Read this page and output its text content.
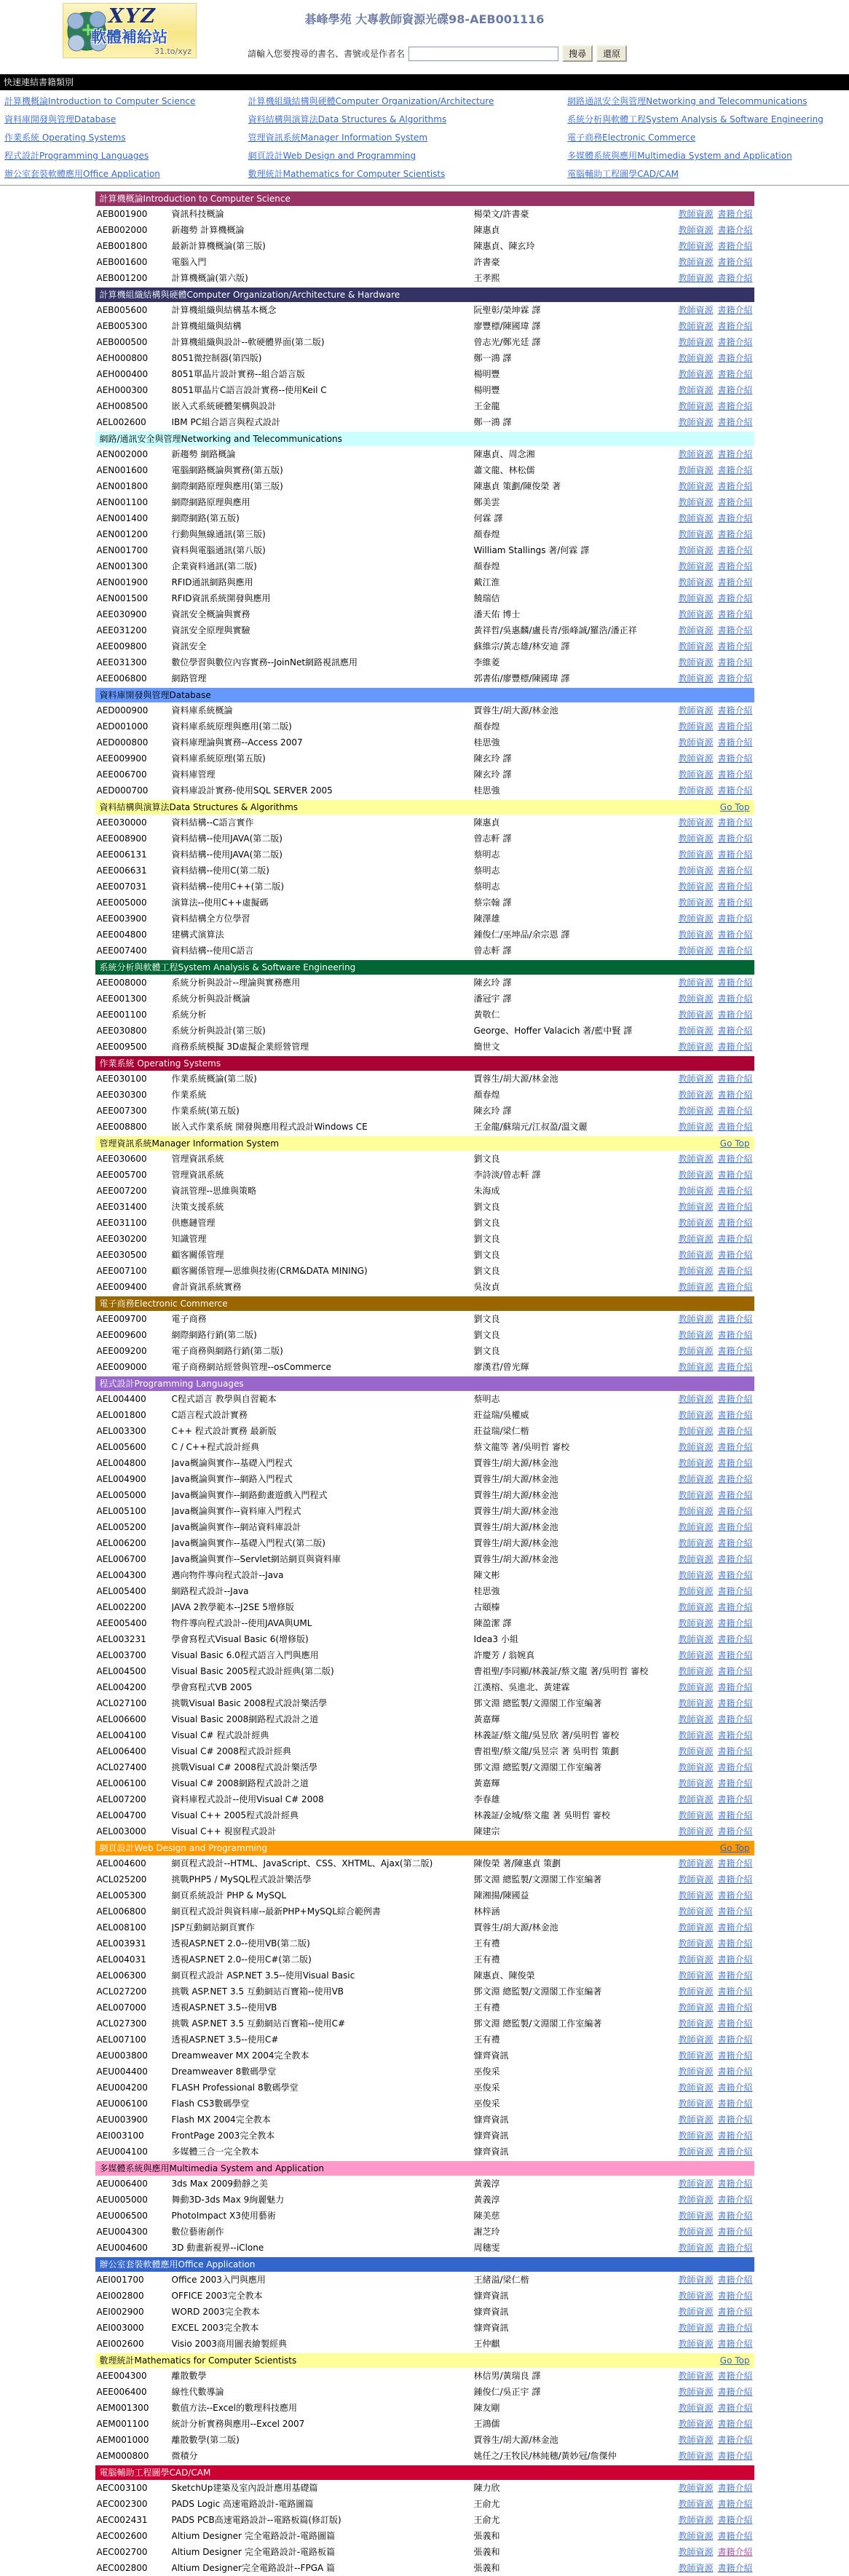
XYZ
軟體補給站
31.to/xyz
碁峰學苑 大專教師資源光碟98-AEB001116
請輸入您要搜尋的書名、書號或是作者名	搜尋	還原
快速連結書籍類別
計算機概論Introduction to Computer Science	計算機組織結構與硬體Computer Organization/Architecture	網路通訊安全與管理Networking and Telecommunications
資料庫開發與管理Database	資料結構與演算法Data Structures & Algorithms	系統分析與軟體工程System Analysis & Software Engineering
作業系統 Operating Systems	管理資訊系統Manager Information System	電子商務Electronic Commerce
程式設計Programming Languages	網頁設計Web Design and Programming	多媒體系統與應用Multimedia System and Application
辦公室套裝軟體應用Office Application	數理統計Mathematics for Computer Scientists	電腦輔助工程圖學CAD/CAM
計算機概論Introduction to Computer Science
AEB001900	資訊科技概論	楊榮文/許書豪	教師資源 書籍介紹
AEB002000	新趨勢 計算機概論	陳惠貞	教師資源 書籍介紹
AEB001800	最新計算機概論(第三版)	陳惠貞、陳玄玲	教師資源 書籍介紹
AEB001600	電腦入門	許書豪	教師資源 書籍介紹
AEB001200	計算機概論(第六版)	王孝熙	教師資源 書籍介紹
計算機組織結構與硬體Computer Organization/Architecture & Hardware
AEB005600	計算機組織與結構基本概念	阮聖彰/榮坤霖 譯	教師資源 書籍介紹
AEB005300	計算機組織與結構	廖豐標/陳國瑋 譯	教師資源 書籍介紹
AEB000500	計算機組織與設計--軟硬體界面(第二版)	曾志光/鄭光廷 譯	教師資源 書籍介紹
AEH000800	8051微控制器(第四版)	鄭一鴻 譯	教師資源 書籍介紹
AEH000400	8051單晶片設計實務--組合語言版	楊明豐	教師資源 書籍介紹
AEH000300	8051單晶片C語言設計實務--使用Keil C	楊明豐	教師資源 書籍介紹
AEH008500	嵌入式系統硬體架構與設計	王金龍	教師資源 書籍介紹
AEL002600	IBM PC組合語言與程式設計	鄭一鴻 譯	教師資源 書籍介紹
網路/通訊安全與管理Networking and Telecommunications
AEN002000	新趨勢 網路概論	陳惠貞、周念湘	教師資源 書籍介紹
AEN001600	電腦網路概論與實務(第五版)	蕭文龍、林松儒	教師資源 書籍介紹
AEN001800	網際網路原理與應用(第三版)	陳惠貞 策劃/陳俊榮 著	教師資源 書籍介紹
AEN001100	網際網路原理與應用	鄭美雲	教師資源 書籍介紹
AEN001400	網際網路(第五版)	何霖 譯	教師資源 書籍介紹
AEN001200	行動與無線通訊(第三版)	顏春煌	教師資源 書籍介紹
AEN001700	資料與電腦通訊(第八版)	William Stallings 著/何霖 譯	教師資源 書籍介紹
AEN001300	企業資料通訊(第二版)	顏春煌	教師資源 書籍介紹
AEN001900	RFID通訊網路與應用	戴江淮	教師資源 書籍介紹
AEN001500	RFID資訊系統開發與應用	饒瑞佶	教師資源 書籍介紹
AEE030900	資訊安全概論與實務	潘天佑 博士	教師資源 書籍介紹
AEE031200	資訊安全原理與實驗	黃祥哲/吳惠麟/盧長青/張峰誠/羅浩/潘正祥	教師資源 書籍介紹
AEE009800	資訊安全	蘇維宗/黃志雄/林安迪 譯	教師資源 書籍介紹
AEE031300	數位學習與數位內容實務--JoinNet網路視訊應用	李維菱	教師資源 書籍介紹
AEE006800	網路管理	郭書佑/廖豐標/陳國瑋 譯	教師資源 書籍介紹
資料庫開發與管理Database
AED000900	資料庫系統概論	賈蓉生/胡大源/林金池	教師資源 書籍介紹
AED001000	資料庫系統原理與應用(第二版)	顏春煌	教師資源 書籍介紹
AED000800	資料庫理論與實務--Access 2007	桂思強	教師資源 書籍介紹
AEE009900	資料庫系統原理(第五版)	陳玄玲 譯	教師資源 書籍介紹
AEE006700	資料庫管理	陳玄玲 譯	教師資源 書籍介紹
AED000700	資料庫設計實務-使用SQL SERVER 2005	桂思強	教師資源 書籍介紹
資料結構與演算法Data Structures & Algorithms	Go Top
AEE030000	資料結構--C語言實作	陳惠貞	教師資源 書籍介紹
AEE008900	資料結構--使用JAVA(第二版)	曾志軒 譯	教師資源 書籍介紹
AEE006131	資料結構--使用JAVA(第二版)	蔡明志	教師資源 書籍介紹
AEE006631	資料結構--使用C(第二版)	蔡明志	教師資源 書籍介紹
AEE007031	資料結構--使用C++(第二版)	蔡明志	教師資源 書籍介紹
AEE005000	演算法--使用C++虛擬碼	蔡宗翰 譯	教師資源 書籍介紹
AEE003900	資料結構全方位學習	陳澤雄	教師資源 書籍介紹
AEE004800	建構式演算法	鍾俊仁/巫坤品/余宗恩 譯	教師資源 書籍介紹
AEE007400	資料結構--使用C語言	曾志軒 譯	教師資源 書籍介紹
系統分析與軟體工程System Analysis & Software Engineering
AEE008000	系統分析與設計--理論與實務應用	陳玄玲 譯	教師資源 書籍介紹
AEE001300	系統分析與設計概論	潘冠宇 譯	教師資源 書籍介紹
AEE001100	系統分析	黃敬仁	教師資源 書籍介紹
AEE030800	系統分析與設計(第三版)	George、Hoffer Valacich 著/藍中賢 譯	教師資源 書籍介紹
AEE009500	商務系統模擬 3D虛擬企業經營管理	簡世文	教師資源 書籍介紹
作業系統 Operating Systems
AEE030100	作業系統概論(第二版)	賈蓉生/胡大源/林金池	教師資源 書籍介紹
AEE030300	作業系統	顏春煌	教師資源 書籍介紹
AEE007300	作業系統(第五版)	陳玄玲 譯	教師資源 書籍介紹
AEE008800	嵌入式作業系統 開發與應用程式設計Windows CE	王金龍/蘇瑞元/江叔盈/溫文麗	教師資源 書籍介紹
管理資訊系統Manager Information System	Go Top
AEE030600	管理資訊系統	劉文良	教師資源 書籍介紹
AEE005700	管理資訊系統	李詩淡/曾志軒 譯	教師資源 書籍介紹
AEE007200	資訊管理--思維與策略	朱海成	教師資源 書籍介紹
AEE031400	決策支援系統	劉文良	教師資源 書籍介紹
AEE031100	供應鏈管理	劉文良	教師資源 書籍介紹
AEE030200	知識管理	劉文良	教師資源 書籍介紹
AEE030500	顧客關係管理	劉文良	教師資源 書籍介紹
AEE007100	顧客關係管理—思維與技術(CRM&DATA MINING)	劉文良	教師資源 書籍介紹
AEE009400	會計資訊系統實務	吳汝貞	教師資源 書籍介紹
電子商務Electronic Commerce
AEE009700	電子商務	劉文良	教師資源 書籍介紹
AEE009600	網際網路行銷(第二版)	劉文良	教師資源 書籍介紹
AEE009200	電子商務與網路行銷(第二版)	劉文良	教師資源 書籍介紹
AEE009000	電子商務網站經營與管理--osCommerce	廖漢君/曾光輝	教師資源 書籍介紹
程式設計Programming Languages
AEL004400	C程式語言 教學與自習範本	蔡明志	教師資源 書籍介紹
AEL001800	C語言程式設計實務	莊益瑞/吳權威	教師資源 書籍介紹
AEL003300	C++ 程式設計實務 最新版	莊益瑞/梁仁楷	教師資源 書籍介紹
AEL005600	C / C++程式設計經典	蔡文龍等 著/吳明哲 審校	教師資源 書籍介紹
AEL004800	Java概論與實作--基礎入門程式	賈蓉生/胡大源/林金池	教師資源 書籍介紹
AEL004900	Java概論與實作--網路入門程式	賈蓉生/胡大源/林金池	教師資源 書籍介紹
AEL005000	Java概論與實作--網路動畫遊戲入門程式	賈蓉生/胡大源/林金池	教師資源 書籍介紹
AEL005100	Java概論與實作--資料庫入門程式	賈蓉生/胡大源/林金池	教師資源 書籍介紹
AEL005200	Java概論與實作--網站資料庫設計	賈蓉生/胡大源/林金池	教師資源 書籍介紹
AEL006200	Java概論與實作--基礎入門程式(第二版)	賈蓉生/胡大源/林金池	教師資源 書籍介紹
AEL006700	Java概論與實作--Servlet網站網頁與資料庫	賈蓉生/胡大源/林金池	教師資源 書籍介紹
AEL004300	邁向物件導向程式設計--Java	陳文彬	教師資源 書籍介紹
AEL005400	網路程式設計--Java	桂思強	教師資源 書籍介紹
AEL002200	JAVA 2教學範本--J2SE 5增修版	古頤榛	教師資源 書籍介紹
AEE005400	物件導向程式設計--使用JAVA與UML	陳盈潔 譯	教師資源 書籍介紹
AEL003231	學會寫程式Visual Basic 6(增修版)	Idea3 小組	教師資源 書籍介紹
AEL003700	Visual Basic 6.0程式語言入門與應用	許慶芳 / 翁婉真	教師資源 書籍介紹
AEL004500	Visual Basic 2005程式設計經典(第二版)	曹祖聖/李同顯/林義証/蔡文龍 著/吳明哲 審校	教師資源 書籍介紹
AEL004200	學會寫程式VB 2005	江漢榕、吳進北、黃建霖	教師資源 書籍介紹
ACL027100	挑戰Visual Basic 2008程式設計樂活學	鄧文淵 總監製/文淵閣工作室編著	教師資源 書籍介紹
AEL006600	Visual Basic 2008網路程式設計之道	黃嘉輝	教師資源 書籍介紹
AEL004100	Visual C# 程式設計經典	林義証/蔡文龍/吳昱欣 著/吳明哲 審校	教師資源 書籍介紹
AEL006400	Visual C# 2008程式設計經典	曹祖聖/蔡文龍/吳昱宗 著 吳明哲 策劃	教師資源 書籍介紹
ACL027400	挑戰Visual C# 2008程式設計樂活學	鄧文淵 總監製/文淵閣工作室編著	教師資源 書籍介紹
AEL006100	Visual C# 2008網路程式設計之道	黃嘉輝	教師資源 書籍介紹
AEL007200	資料庫程式設計--使用Visual C# 2008	李春雄	教師資源 書籍介紹
AEL004700	Visual C++ 2005程式設計經典	林義証/金城/蔡文龍 著 吳明哲 審校	教師資源 書籍介紹
AEL003000	Visual C++ 視窗程式設計	陳建宗	教師資源 書籍介紹
網頁設計Web Design and Programming	Go Top
AEL004600	網頁程式設計--HTML、JavaScript、CSS、XHTML、Ajax(第二版)	陳俊榮 著/陳惠貞 策劃	教師資源 書籍介紹
ACL025200	挑戰PHP5 / MySQL程式設計樂活學	鄧文淵 總監製/文淵閣工作室編著	教師資源 書籍介紹
AEL005300	網頁系統設計 PHP & MySQL	陳湘揚/陳國益	教師資源 書籍介紹
AEL006800	網頁程式設計與資料庫--最新PHP+MySQL綜合範例書	林梓涵	教師資源 書籍介紹
AEL008100	JSP互動網站網頁實作	賈蓉生/胡大源/林金池	教師資源 書籍介紹
AEL003931	透視ASP.NET 2.0--使用VB(第二版)	王有禮	教師資源 書籍介紹
AEL004031	透視ASP.NET 2.0--使用C#(第二版)	王有禮	教師資源 書籍介紹
AEL006300	網頁程式設計 ASP.NET 3.5--使用Visual Basic	陳惠貞、陳俊榮	教師資源 書籍介紹
ACL027200	挑戰 ASP.NET 3.5 互動網站百寶箱--使用VB	鄧文淵 總監製/文淵閣工作室編著	教師資源 書籍介紹
AEL007000	透視ASP.NET 3.5--使用VB	王有禮	教師資源 書籍介紹
ACL027300	挑戰 ASP.NET 3.5 互動網站百寶箱--使用C#	鄧文淵 總監製/文淵閣工作室編著	教師資源 書籍介紹
AEL007100	透視ASP.NET 3.5--使用C#	王有禮	教師資源 書籍介紹
AEU003800	Dreamweaver MX 2004完全教本	慷齊資訊	教師資源 書籍介紹
AEU004400	Dreamweaver 8數碼學堂	巫俊采	教師資源 書籍介紹
AEU004200	FLASH Professional 8數碼學堂	巫俊采	教師資源 書籍介紹
AEU006100	Flash CS3數碼學堂	巫俊采	教師資源 書籍介紹
AEU003900	Flash MX 2004完全教本	慷齊資訊	教師資源 書籍介紹
AEI003100	FrontPage 2003完全教本	慷齊資訊	教師資源 書籍介紹
AEU004100	多媒體三合一完全教本	慷齊資訊	教師資源 書籍介紹
多媒體系統與應用Multimedia System and Application
AEU006400	3ds Max 2009動靜之美	黃義淳	教師資源 書籍介紹
AEU005000	舞動3D-3ds Max 9絢麗魅力	黃義淳	教師資源 書籍介紹
AEU006500	PhotoImpact X3使用藝術	陳美慈	教師資源 書籍介紹
AEU004300	數位藝術創作	謝芝玲	教師資源 書籍介紹
AEU004600	3D 動畫新視界--iClone	周穗雯	教師資源 書籍介紹
辦公室套裝軟體應用Office Application
AEI001700	Office 2003入門與應用	王緒溢/梁仁楷	教師資源 書籍介紹
AEI002800	OFFICE 2003完全教本	慷齊資訊	教師資源 書籍介紹
AEI002900	WORD 2003完全教本	慷齊資訊	教師資源 書籍介紹
AEI003000	EXCEL 2003完全教本	慷齊資訊	教師資源 書籍介紹
AEI002600	Visio 2003商用圖表繪製經典	王仲麒	教師資源 書籍介紹
數理統計Mathematics for Computer Scientists	Go Top
AEE004300	離散數學	林信男/黃瑞良 譯	教師資源 書籍介紹
AEE006400	線性代數導論	鍾俊仁/吳正宇 譯	教師資源 書籍介紹
AEM001300	數值方法--Excel的數理科技應用	陳友剛	教師資源 書籍介紹
AEM001100	統計分析實務與應用--Excel 2007	王鴻儒	教師資源 書籍介紹
AEM001000	離散數學(第二版)	賈蓉生/胡大源/林金池	教師資源 書籍介紹
AEM000800	微積分	姚任之/王牧民/林純穗/黃妙冠/詹傑仲	教師資源 書籍介紹
電腦輔助工程圖學CAD/CAM
AEC003100	SketchUp建築及室內設計應用基礎篇	陳力欣	教師資源 書籍介紹
AEC002300	PADS Logic 高速電路設計-電路圖篇	王俞尤	教師資源 書籍介紹
AEC002431	PADS PCB高速電路設計--電路板篇(修訂版)	王俞尤	教師資源 書籍介紹
AEC002600	Altium Designer 完全電路設計-電路圖篇	張義和	教師資源 書籍介紹
AEC002700	Altium Designer 完全電路設計-電路板篇	張義和	教師資源 書籍介紹
AEC002800	Altium Designer完全電路設計--FPGA 篇	張義和	教師資源 書籍介紹
